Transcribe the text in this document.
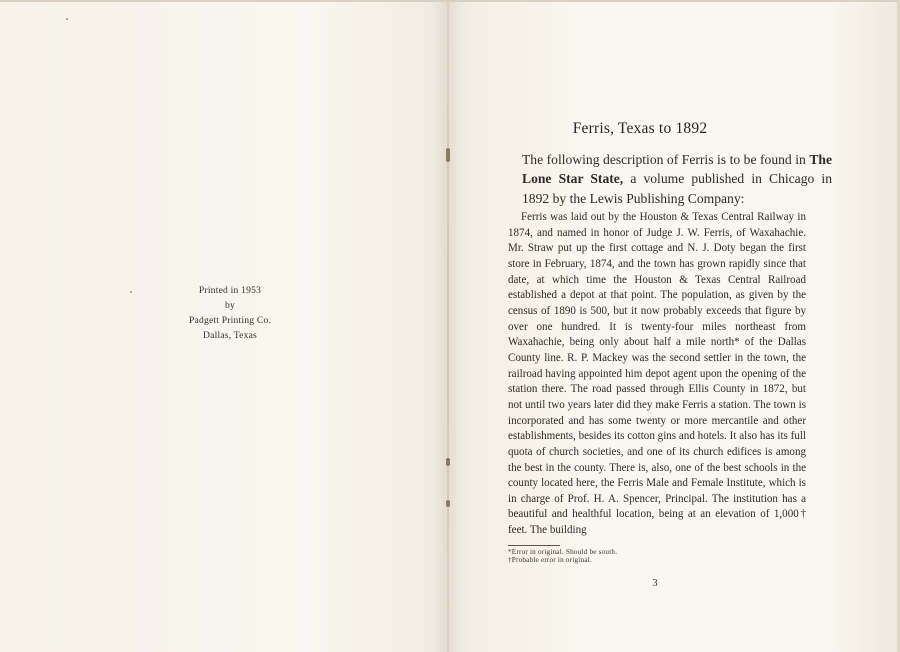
Printed in 1953
by
Padgett Printing Co.
Dallas, Texas
Ferris, Texas to 1892
The following description of Ferris is to be found in The Lone Star State, a volume published in Chicago in 1892 by the Lewis Publishing Company:

Ferris was laid out by the Houston & Texas Central Railway in 1874, and named in honor of Judge J. W. Ferris, of Waxahachie. Mr. Straw put up the first cottage and N. J. Doty began the first store in February, 1874, and the town has grown rapidly since that date, at which time the Houston & Texas Central Railroad established a depot at that point. The population, as given by the census of 1890 is 500, but it now probably exceeds that figure by over one hundred. It is twenty-four miles northeast from Waxahachie, being only about half a mile north* of the Dallas County line. R. P. Mackey was the second settler in the town, the railroad having appointed him depot agent upon the opening of the station there. The road passed through Ellis County in 1872, but not until two years later did they make Ferris a station. The town is incorporated and has some twenty or more mercantile and other establishments, besides its cotton gins and hotels. It also has its full quota of church societies, and one of its church edifices is among the best in the county. There is, also, one of the best schools in the county located here, the Ferris Male and Female Institute, which is in charge of Prof. H. A. Spencer, Principal. The institution has a beautiful and healthful location, being at an elevation of 1,000† feet. The building

*Error in original. Should be south.
†Probable error in original.
3
